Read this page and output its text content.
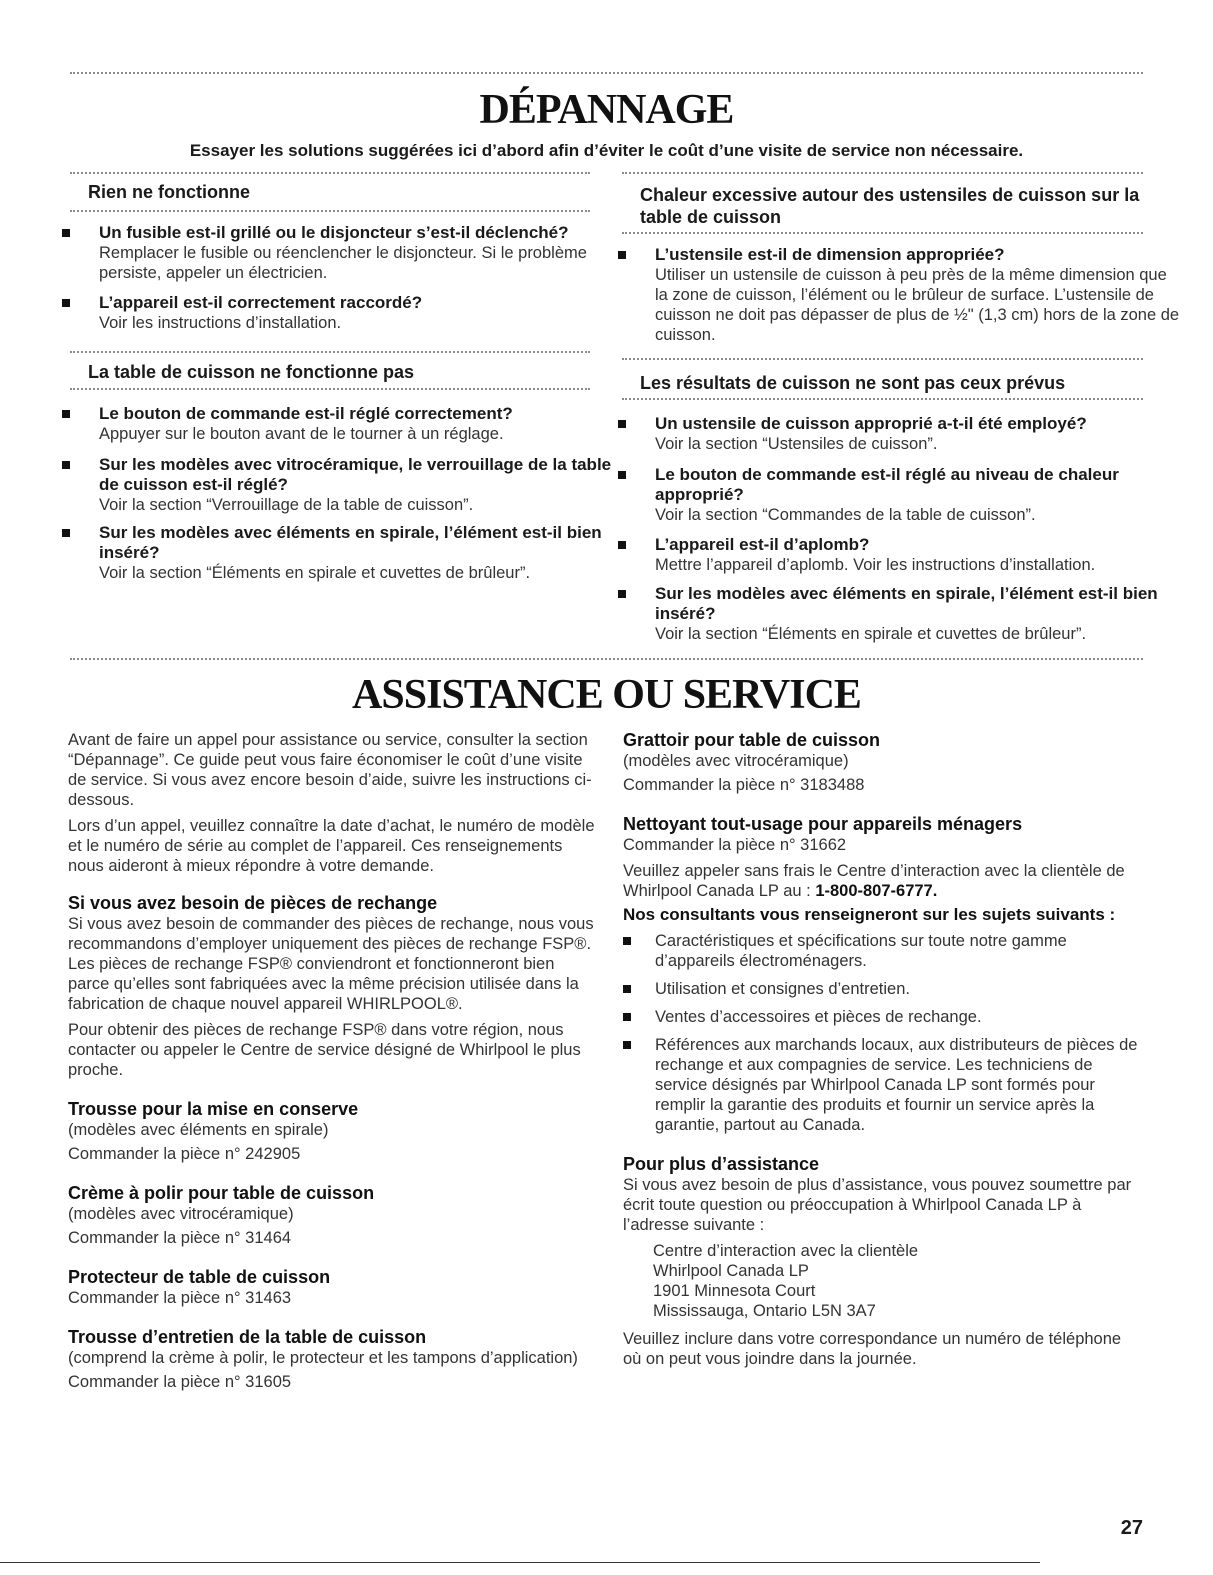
DÉPANNAGE
Essayer les solutions suggérées ici d’abord afin d’éviter le coût d’une visite de service non nécessaire.
Rien ne fonctionne
Un fusible est-il grillé ou le disjoncteur s’est-il déclenché?
Remplacer le fusible ou réenclencher le disjoncteur. Si le problème persiste, appeler un électricien.
L’appareil est-il correctement raccordé?
Voir les instructions d’installation.
La table de cuisson ne fonctionne pas
Le bouton de commande est-il réglé correctement?
Appuyer sur le bouton avant de le tourner à un réglage.
Sur les modèles avec vitrocéramique, le verrouillage de la table de cuisson est-il réglé?
Voir la section “Verrouillage de la table de cuisson”.
Sur les modèles avec éléments en spirale, l’élément est-il bien inséré?
Voir la section “Éléments en spirale et cuvettes de brûleur”.
Chaleur excessive autour des ustensiles de cuisson sur la table de cuisson
L’ustensile est-il de dimension appropriée?
Utiliser un ustensile de cuisson à peu près de la même dimension que la zone de cuisson, l’élément ou le brûleur de surface. L’ustensile de cuisson ne doit pas dépasser de plus de ½" (1,3 cm) hors de la zone de cuisson.
Les résultats de cuisson ne sont pas ceux prévus
Un ustensile de cuisson approprié a-t-il été employé?
Voir la section “Ustensiles de cuisson”.
Le bouton de commande est-il réglé au niveau de chaleur approprié?
Voir la section “Commandes de la table de cuisson”.
L’appareil est-il d’aplomb?
Mettre l’appareil d’aplomb. Voir les instructions d’installation.
Sur les modèles avec éléments en spirale, l’élément est-il bien inséré?
Voir la section “Éléments en spirale et cuvettes de brûleur”.
ASSISTANCE OU SERVICE
Avant de faire un appel pour assistance ou service, consulter la section “Dépannage”. Ce guide peut vous faire économiser le coût d’une visite de service. Si vous avez encore besoin d’aide, suivre les instructions ci-dessous.
Lors d’un appel, veuillez connaître la date d’achat, le numéro de modèle et le numéro de série au complet de l’appareil. Ces renseignements nous aideront à mieux répondre à votre demande.
Si vous avez besoin de pièces de rechange
Si vous avez besoin de commander des pièces de rechange, nous vous recommandons d’employer uniquement des pièces de rechange FSP®. Les pièces de rechange FSP® conviendront et fonctionneront bien parce qu’elles sont fabriquées avec la même précision utilisée dans la fabrication de chaque nouvel appareil WHIRLPOOL®.
Pour obtenir des pièces de rechange FSP® dans votre région, nous contacter ou appeler le Centre de service désigné de Whirlpool le plus proche.
Trousse pour la mise en conserve
(modèles avec éléments en spirale)
Commander la pièce n° 242905
Crème à polir pour table de cuisson
(modèles avec vitrocéramique)
Commander la pièce n° 31464
Protecteur de table de cuisson
Commander la pièce n° 31463
Trousse d’entretien de la table de cuisson
(comprend la crème à polir, le protecteur et les tampons d’application)
Commander la pièce n° 31605
Grattoir pour table de cuisson
(modèles avec vitrocéramique)
Commander la pièce n° 3183488
Nettoyant tout-usage pour appareils ménagers
Commander la pièce n° 31662
Veuillez appeler sans frais le Centre d’interaction avec la clientèle de Whirlpool Canada LP au : 1-800-807-6777.
Nos consultants vous renseigneront sur les sujets suivants :
Caractéristiques et spécifications sur toute notre gamme d’appareils électroménagers.
Utilisation et consignes d’entretien.
Ventes d’accessoires et pièces de rechange.
Références aux marchands locaux, aux distributeurs de pièces de rechange et aux compagnies de service. Les techniciens de service désignés par Whirlpool Canada LP sont formés pour remplir la garantie des produits et fournir un service après la garantie, partout au Canada.
Pour plus d’assistance
Si vous avez besoin de plus d’assistance, vous pouvez soumettre par écrit toute question ou préoccupation à Whirlpool Canada LP à l’adresse suivante :
Centre d’interaction avec la clientèle
Whirlpool Canada LP
1901 Minnesota Court
Mississauga, Ontario L5N 3A7
Veuillez inclure dans votre correspondance un numéro de téléphone où on peut vous joindre dans la journée.
27
